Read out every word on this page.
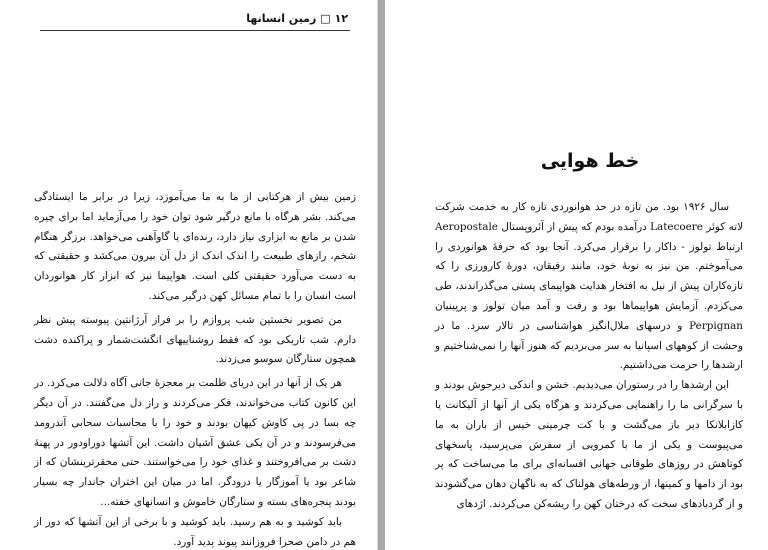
۱۲□ زمین انسانها

زمین بیش از هرکتابی از ما به ما می‌آموزد، زیرا در برابر ما ایستادگی می‌کند. بشر هرگاه با مانع درگیر شود توان خود را می‌آزماید اما برای چیره شدن بر مانع به ابزاری نیاز دارد، رنده‌ای یا گاوآهنی می‌خواهد. برزگر هنگام شخم، رازهای طبیعت را اندک اندک از دل آن بیرون می‌کشد و حقیقتی که به دست می‌آورد حقیقتی کلی است. هواپیما نیز که ابزار کار هوانوردان است انسان را با تمام مسائل کهن درگیر می‌کند.

من تصویر نخستین شب پروازم را بر فراز آرژانتین پیوسته پیش نظر دارم. شب تاریکی بود که فقط روشناییهای انگشت‌شمار و پراکنده دشت همچون ستارگان سوسو می‌زدند.

هر یک از آنها در این دریای ظلمت بر معجزهٔ جانی آگاه دلالت می‌کرد. در این کانون کتاب می‌خواندند، فکر می‌کردند و راز دل می‌گفتند. در آن دیگر چه بسا در پی کاوش کیهان بودند و خود را با محاسبات سحابی آندرومد می‌فرسودند و در آن یکی عشق آشیان داشت. این آتشها دوراودور در پهنهٔ دشت بر می‌افروختند و غذای خود را می‌خواستند. حتی محقرترینشان که از شاعر بود یا آموزگار یا درودگر. اما در میان این اختران جاندار چه بسیار بودند پنجره‌های بسته و ستارگان خاموش و انسانهای خفته...

باید کوشید و به هم رسید. باید کوشید و با برخی از این آتشها که دور از هم در دامن صحرا فروزانند پیوند پدید آورد.

خط هوایی

سال ۱۹۲۶ بود. من تازه در حد هوانوردی تازه کار به خدمت شرکت لاته کوئر Latecoere درآمده بودم که پیش از آئروپستال Aeropostale ارتباط تولوز - داکار را برقرار می‌کرد. آنجا بود که حرفهٔ هوانوردی را می‌آموختم. من نیز به نوبهٔ خود، مانند رفیقان، دورهٔ کارورزی را که تازه‌کاران پیش از نیل به افتخار هدایت هواپیمای پستی می‌گذراندند، طی می‌کردم. آزمایش هواپیماها بود و رفت و آمد میان تولوز و پرپینیان Perpignan و درسهای ملال‌انگیز هواشناسی در تالار سرد. ما در وحشت از کوههای اسپانیا به سر می‌بردیم که هنوز آنها را نمی‌شناختیم و ارشدها را حرمت می‌داشتیم.

این ارشدها را در رستوران می‌دیدیم. خشن و اندکی دیرجوش بودند و با سرگرانی ما را راهنمایی می‌کردند و هرگاه یکی از آنها از آلیکانت یا کازابلانکا دیر باز می‌گشت و با کت چرمینی خیس از باران به ما می‌پیوست و یکی از ما با کمرویی از سفرش می‌پرسید، پاسخهای کوتاهش در روزهای طوفانی جهانی افسانه‌ای برای ما می‌ساخت که پر بود از دامها و کمینها، از ورطه‌های هولناک که به ناگهان دهان می‌گشودند و از گردبادهای سخت که درختان کهن را ریشه‌کن می‌کردند. اژدهای
